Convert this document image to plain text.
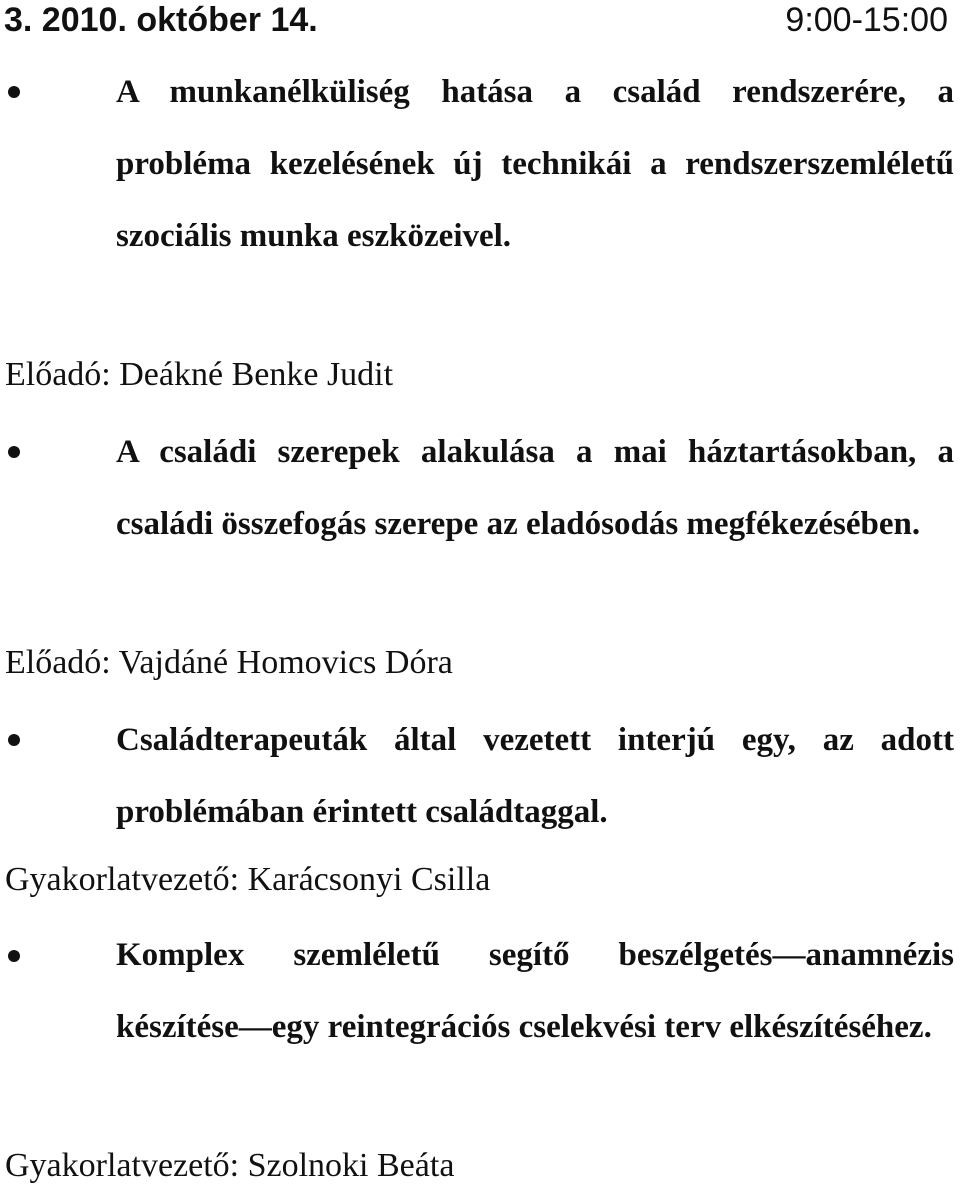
3. 2010. október 14.	9:00-15:00

A munkanélküliség hatása a család rendszerére, a probléma kezelésének új technikái a rendszerszemléletű szociális munka eszközeivel.

Előadó: Deákné Benke Judit

A családi szerepek alakulása a mai háztartásokban, a családi összefogás szerepe az eladósodás megfékezésében.

Előadó: Vajdáné Homovics Dóra

Családterapeuták által vezetett interjú egy, az adott problémában érintett családtaggal.

Gyakorlatvezető: Karácsonyi Csilla

Komplex szemléletű segítő beszélgetés—anamnézis készítése—egy reintegrációs cselekvési terv elkészítéséhez.

Gyakorlatvezető: Szolnoki Beáta
